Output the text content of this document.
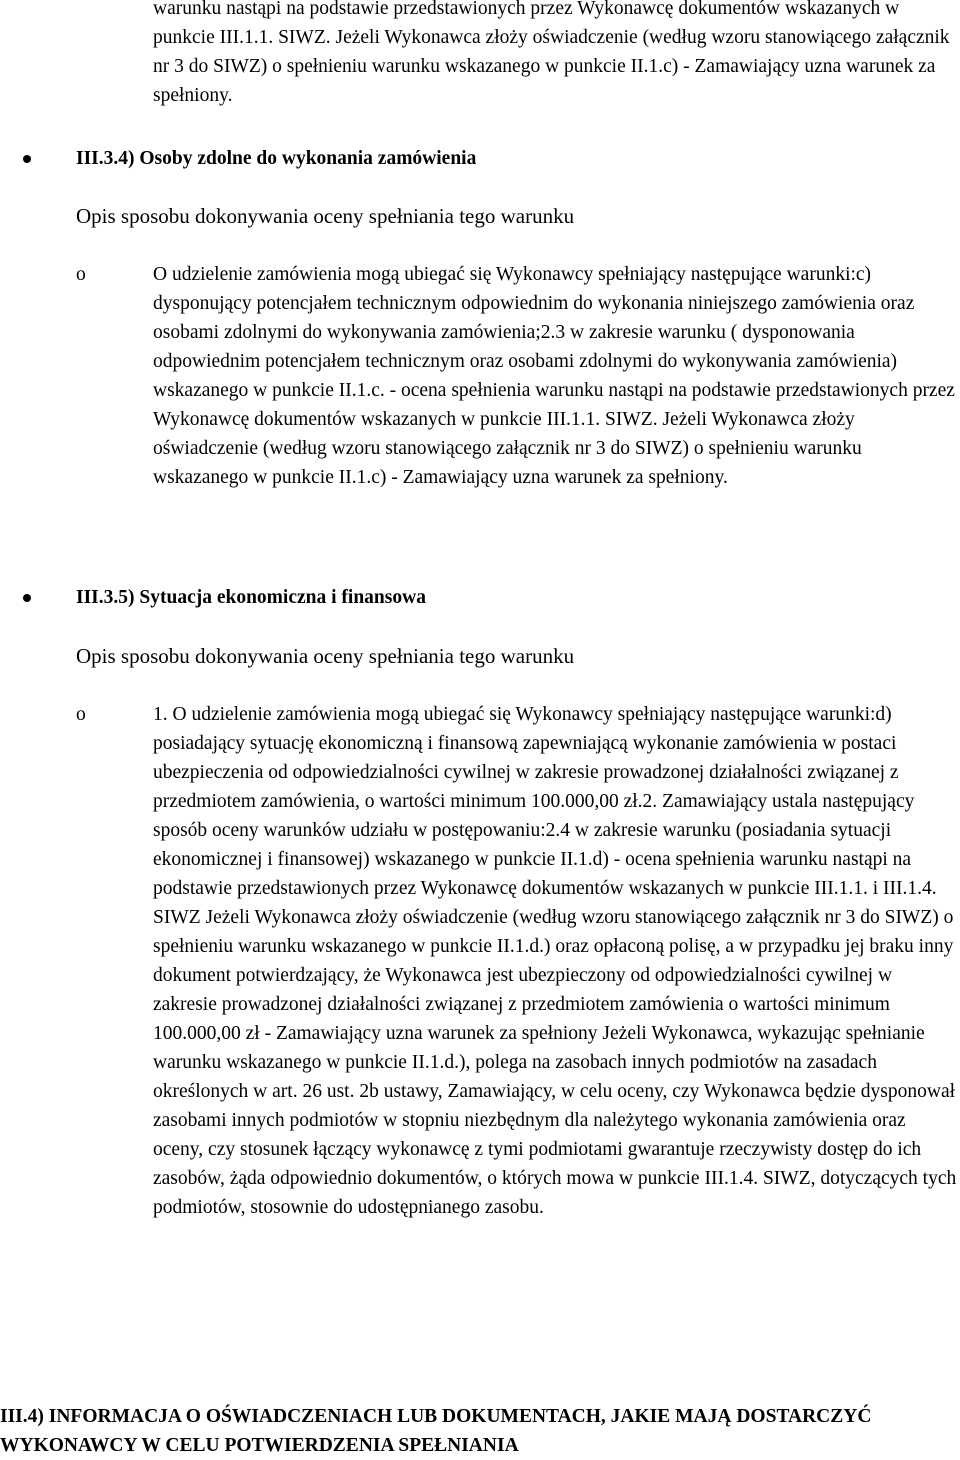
warunku nastąpi na podstawie przedstawionych przez Wykonawcę dokumentów wskazanych w punkcie III.1.1. SIWZ. Jeżeli Wykonawca złoży oświadczenie (według wzoru stanowiącego załącznik nr 3 do SIWZ) o spełnieniu warunku wskazanego w punkcie II.1.c) - Zamawiający uzna warunek za spełniony.
III.3.4) Osoby zdolne do wykonania zamówienia
Opis sposobu dokonywania oceny spełniania tego warunku
o	O udzielenie zamówienia mogą ubiegać się Wykonawcy spełniający następujące warunki:c) dysponujący potencjałem technicznym odpowiednim do wykonania niniejszego zamówienia oraz osobami zdolnymi do wykonywania zamówienia;2.3 w zakresie warunku ( dysponowania odpowiednim potencjałem technicznym oraz osobami zdolnymi do wykonywania zamówienia) wskazanego w punkcie II.1.c. - ocena spełnienia warunku nastąpi na podstawie przedstawionych przez Wykonawcę dokumentów wskazanych w punkcie III.1.1. SIWZ. Jeżeli Wykonawca złoży oświadczenie (według wzoru stanowiącego załącznik nr 3 do SIWZ) o spełnieniu warunku wskazanego w punkcie II.1.c) - Zamawiający uzna warunek za spełniony.
III.3.5) Sytuacja ekonomiczna i finansowa
Opis sposobu dokonywania oceny spełniania tego warunku
o	1. O udzielenie zamówienia mogą ubiegać się Wykonawcy spełniający następujące warunki:d) posiadający sytuację ekonomiczną i finansową zapewniającą wykonanie zamówienia w postaci ubezpieczenia od odpowiedzialności cywilnej w zakresie prowadzonej działalności związanej z przedmiotem zamówienia, o wartości minimum 100.000,00 zł.2. Zamawiający ustala następujący sposób oceny warunków udziału w postępowaniu:2.4 w zakresie warunku (posiadania sytuacji ekonomicznej i finansowej) wskazanego w punkcie II.1.d) - ocena spełnienia warunku nastąpi na podstawie przedstawionych przez Wykonawcę dokumentów wskazanych w punkcie III.1.1. i III.1.4. SIWZ Jeżeli Wykonawca złoży oświadczenie (według wzoru stanowiącego załącznik nr 3 do SIWZ) o spełnieniu warunku wskazanego w punkcie II.1.d.) oraz opłaconą polisę, a w przypadku jej braku inny dokument potwierdzający, że Wykonawca jest ubezpieczony od odpowiedzialności cywilnej w zakresie prowadzonej działalności związanej z przedmiotem zamówienia o wartości minimum 100.000,00 zł - Zamawiający uzna warunek za spełniony Jeżeli Wykonawca, wykazując spełnianie warunku wskazanego w punkcie II.1.d.), polega na zasobach innych podmiotów na zasadach określonych w art. 26 ust. 2b ustawy, Zamawiający, w celu oceny, czy Wykonawca będzie dysponował zasobami innych podmiotów w stopniu niezbędnym dla należytego wykonania zamówienia oraz oceny, czy stosunek łączący wykonawcę z tymi podmiotami gwarantuje rzeczywisty dostęp do ich zasobów, żąda odpowiednio dokumentów, o których mowa w punkcie III.1.4. SIWZ, dotyczących tych podmiotów, stosownie do udostępnianego zasobu.
III.4) INFORMACJA O OŚWIADCZENIACH LUB DOKUMENTACH, JAKIE MAJĄ DOSTARCZYĆ WYKONAWCY W CELU POTWIERDZENIA SPEŁNIANIA
